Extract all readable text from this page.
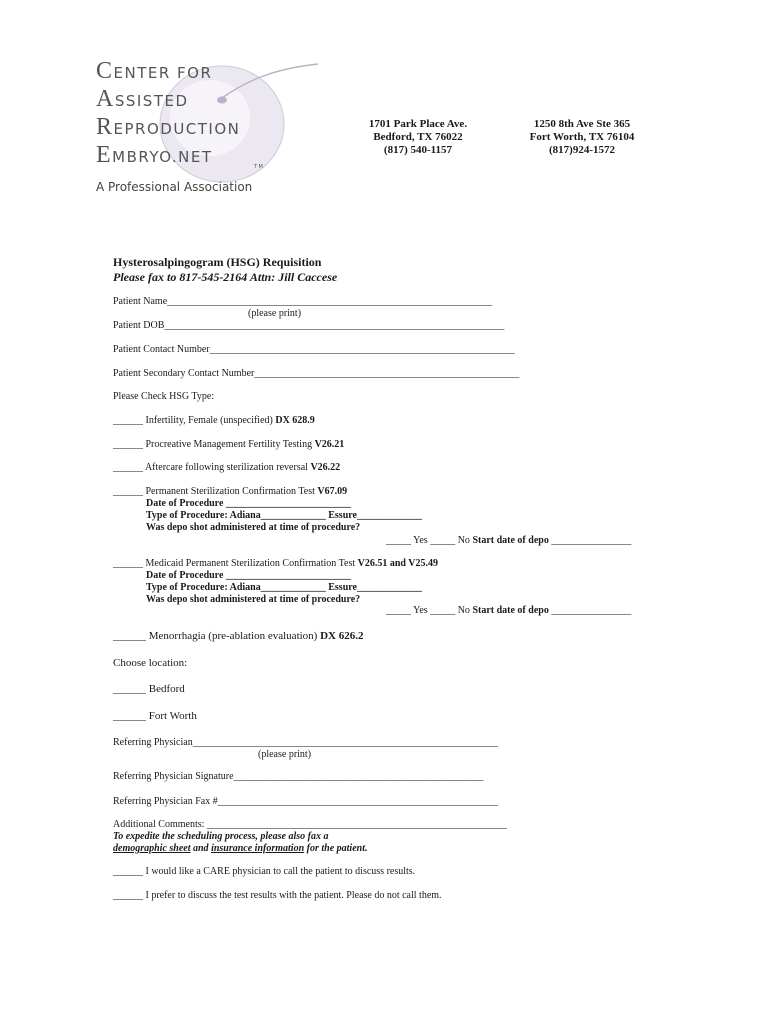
CENTER FOR
ASSISTED
REPRODUCTION
EMBRYO.NET
TM
A Professional Association
1701 Park Place Ave.
Bedford, TX 76022
(817) 540-1157
1250 8th Ave Ste 365
Fort Worth, TX 76104
(817)924-1572
Hysterosalpingogram (HSG) Requisition
Please fax to 817-545-2164 Attn: Jill Caccese
Patient Name_________________________________________________________________
(please print)
Patient DOB____________________________________________________________________
Patient Contact Number_____________________________________________________________
Patient Secondary Contact Number_____________________________________________________
Please Check HSG Type:
______ Infertility, Female (unspecified) DX 628.9
______ Procreative Management Fertility Testing V26.21
______ Aftercare following sterilization reversal V26.22
______ Permanent Sterilization Confirmation Test V67.09
Date of Procedure _________________________
Type of Procedure: Adiana_____________ Essure_____________
Was depo shot administered at time of procedure?
_____ Yes _____ No Start date of depo ________________
______ Medicaid Permanent Sterilization Confirmation Test V26.51 and V25.49
Date of Procedure _________________________
Type of Procedure: Adiana_____________ Essure_____________
Was depo shot administered at time of procedure?
_____ Yes _____ No Start date of depo ________________
______ Menorrhagia (pre-ablation evaluation) DX 626.2
Choose location:
______ Bedford
______ Fort Worth
Referring Physician_____________________________________________________________
(please print)
Referring Physician Signature__________________________________________________
Referring Physician Fax #________________________________________________________
Additional Comments: ____________________________________________________________
To expedite the scheduling process, please also fax a
demographic sheet and insurance information for the patient.
______ I would like a CARE physician to call the patient to discuss results.
______ I prefer to discuss the test results with the patient. Please do not call them.
